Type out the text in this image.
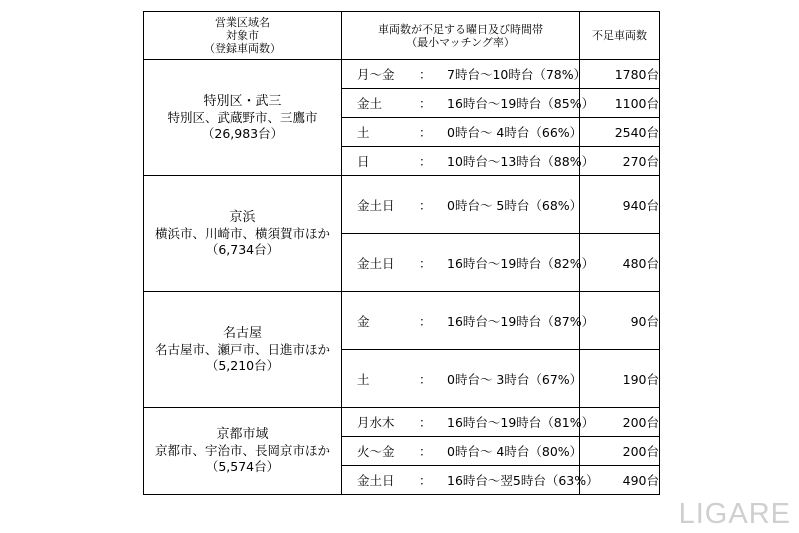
営業区域名
対象市
（登録車両数）	車両数が不足する曜日及び時間帯
（最小マッチング率）	不足車両数

特別区・武三
特別区、武蔵野市、三鷹市
（26,983台）	月～金 ： 7時台～10時台（78%）	1780台
	金土 ： 16時台～19時台（85%）	1100台
	土 ： 0時台～ 4時台（66%）	2540台
	日 ： 10時台～13時台（88%）	270台

京浜
横浜市、川崎市、横須賀市ほか
（6,734台）	金土日 ： 0時台～ 5時台（68%）	940台
	金土日 ： 16時台～19時台（82%）	480台

名古屋
名古屋市、瀬戸市、日進市ほか
（5,210台）	金 ： 16時台～19時台（87%）	90台
	土 ： 0時台～ 3時台（67%）	190台

京都市域
京都市、宇治市、長岡京市ほか
（5,574台）	月水木 ： 16時台～19時台（81%）	200台
	火～金 ： 0時台～ 4時台（80%）	200台
	金土日 ： 16時台～翌5時台（63%）	490台
LIGARE
